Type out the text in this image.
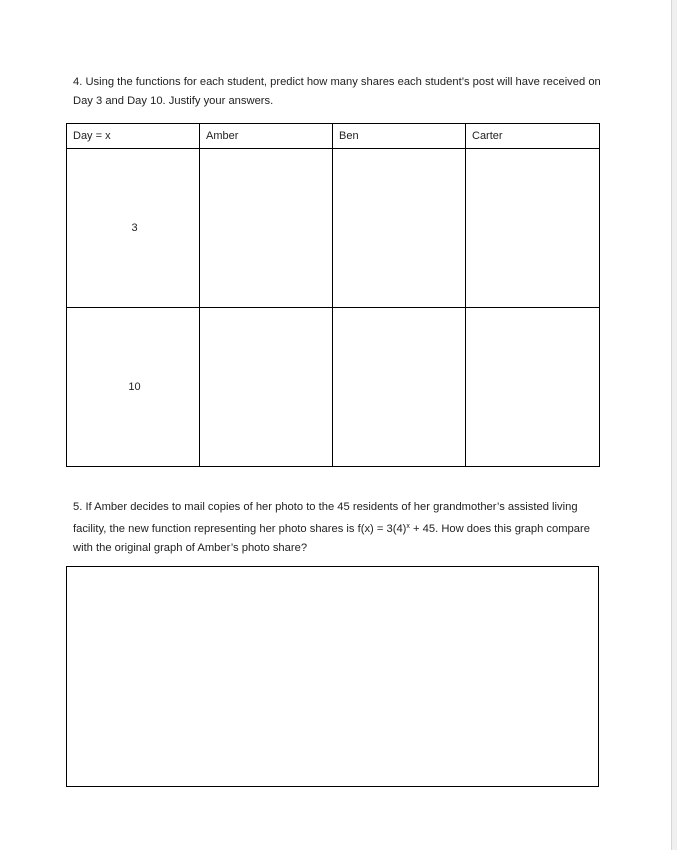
4. Using the functions for each student, predict how many shares each student’s post will have received on Day 3 and Day 10. Justify your answers.

Day = x	Amber	Ben	Carter
3			
10			

5. If Amber decides to mail copies of her photo to the 45 residents of her grandmother’s assisted living facility, the new function representing her photo shares is $f(x) = 3(4)^x + 45$. How does this graph compare with the original graph of Amber’s photo share?
